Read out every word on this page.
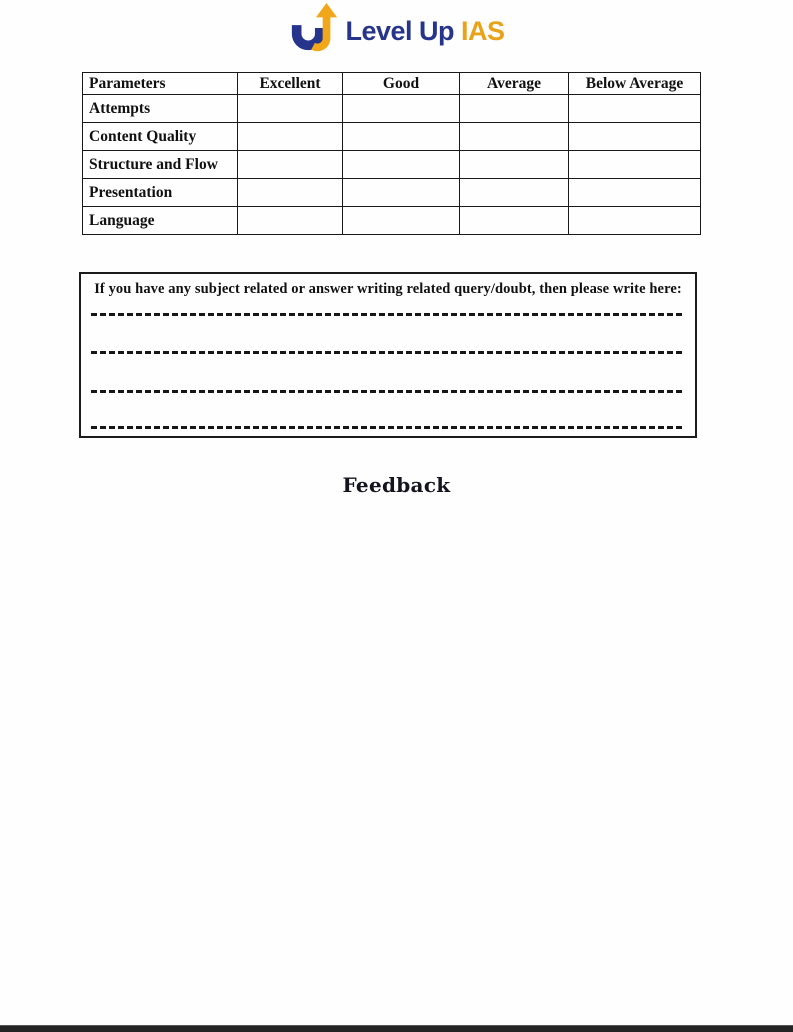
Level Up IAS
Parameters	Excellent	Good	Average	Below Average
Attempts				
Content Quality				
Structure and Flow				
Presentation				
Language				
If you have any subject related or answer writing related query/doubt, then please write here:
Feedback
